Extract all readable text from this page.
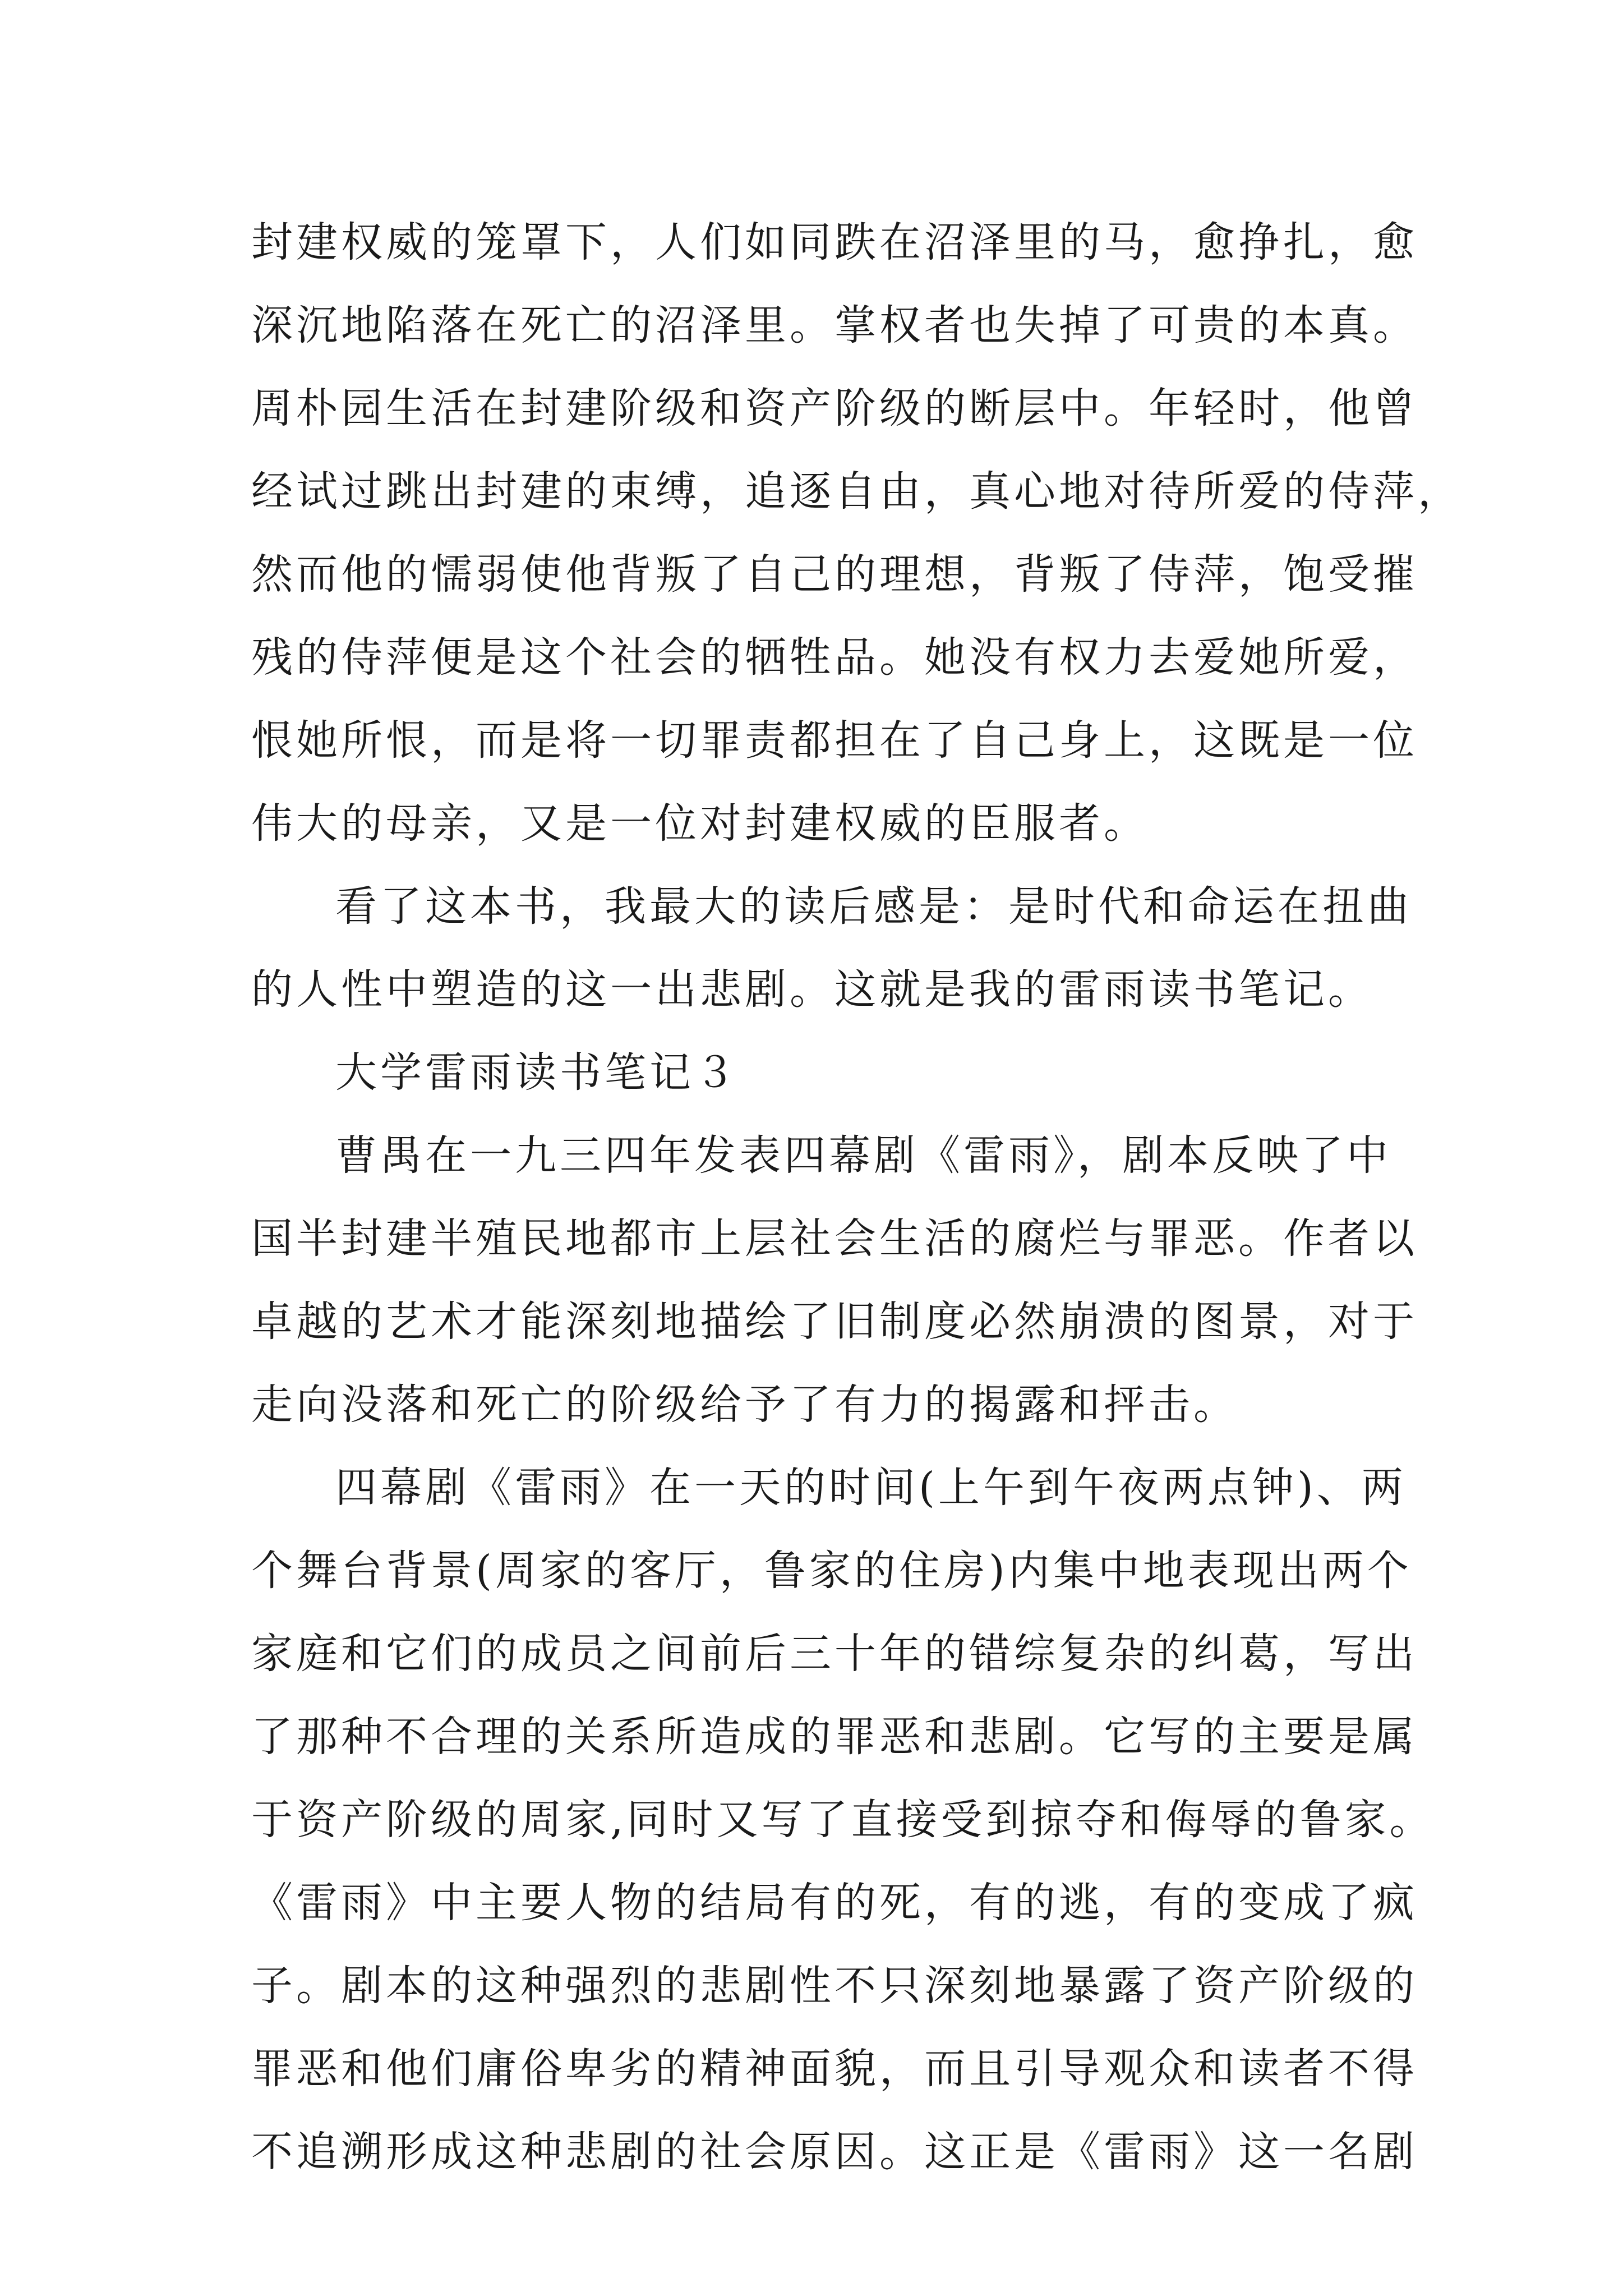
封建权威的笼罩下，人们如同跌在沼泽里的马，愈挣扎，愈
深沉地陷落在死亡的沼泽里。掌权者也失掉了可贵的本真。
周朴园生活在封建阶级和资产阶级的断层中。年轻时，他曾
经试过跳出封建的束缚，追逐自由，真心地对待所爱的侍萍，
然而他的懦弱使他背叛了自己的理想，背叛了侍萍，饱受摧
残的侍萍便是这个社会的牺牲品。她没有权力去爱她所爱，
恨她所恨，而是将一切罪责都担在了自己身上，这既是一位
伟大的母亲，又是一位对封建权威的臣服者。
看了这本书，我最大的读后感是：是时代和命运在扭曲
的人性中塑造的这一出悲剧。这就是我的雷雨读书笔记。
大学雷雨读书笔记３
曹禺在一九三四年发表四幕剧《雷雨》，剧本反映了中
国半封建半殖民地都市上层社会生活的腐烂与罪恶。作者以
卓越的艺术才能深刻地描绘了旧制度必然崩溃的图景，对于
走向没落和死亡的阶级给予了有力的揭露和抨击。
四幕剧《雷雨》在一天的时间(上午到午夜两点钟)、两
个舞台背景(周家的客厅，鲁家的住房)内集中地表现出两个
家庭和它们的成员之间前后三十年的错综复杂的纠葛，写出
了那种不合理的关系所造成的罪恶和悲剧。它写的主要是属
于资产阶级的周家,同时又写了直接受到掠夺和侮辱的鲁家。
《雷雨》中主要人物的结局有的死，有的逃，有的变成了疯
子。剧本的这种强烈的悲剧性不只深刻地暴露了资产阶级的
罪恶和他们庸俗卑劣的精神面貌，而且引导观众和读者不得
不追溯形成这种悲剧的社会原因。这正是《雷雨》这一名剧
